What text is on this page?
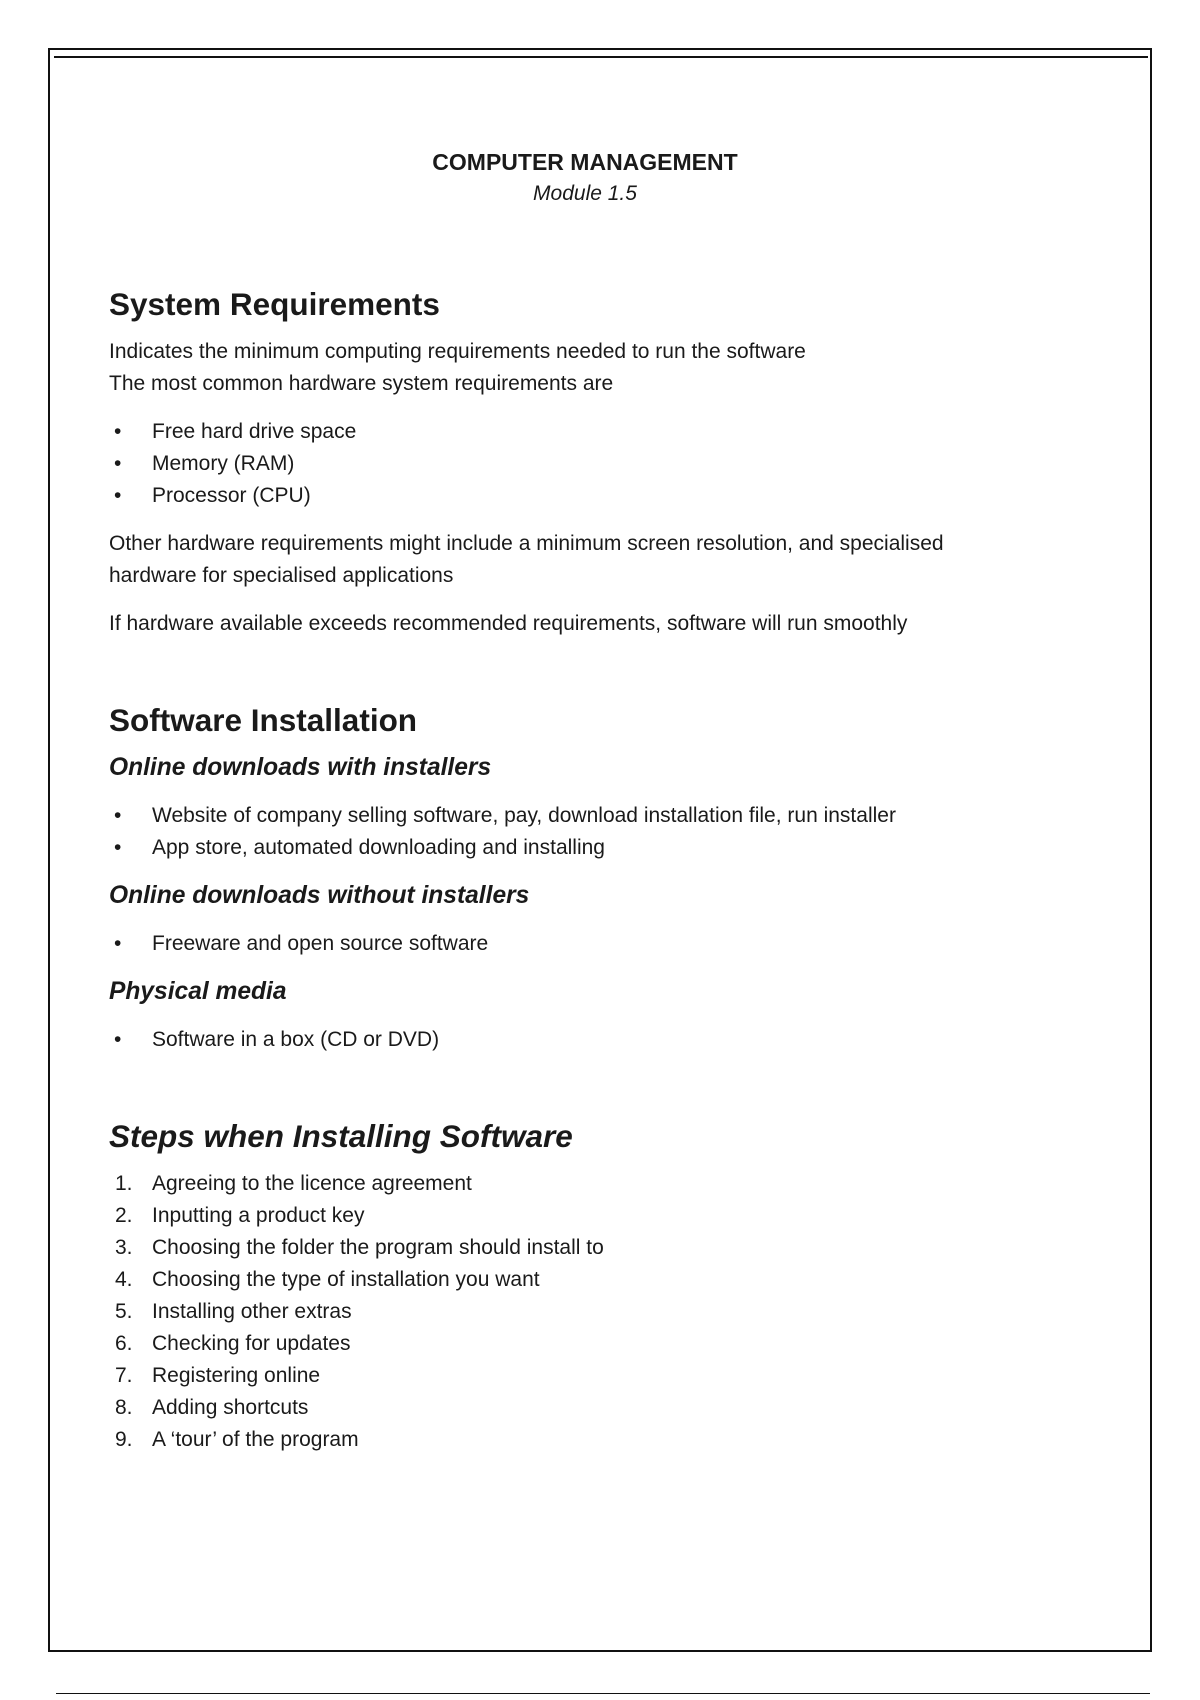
COMPUTER MANAGEMENT

Module 1.5

System Requirements

Indicates the minimum computing requirements needed to run the software

The most common hardware system requirements are

• Free hard drive space
• Memory (RAM)
• Processor (CPU)

Other hardware requirements might include a minimum screen resolution, and specialised hardware for specialised applications

If hardware available exceeds recommended requirements, software will run smoothly

Software Installation
Online downloads with installers
• Website of company selling software, pay, download installation file, run installer
• App store, automated downloading and installing
Online downloads without installers
• Freeware and open source software
Physical media
• Software in a box (CD or DVD)
Steps when Installing Software
1. Agreeing to the licence agreement
2. Inputting a product key
3. Choosing the folder the program should install to
4. Choosing the type of installation you want
5. Installing other extras
6. Checking for updates
7. Registering online
8. Adding shortcuts
9. A ‘tour’ of the program
